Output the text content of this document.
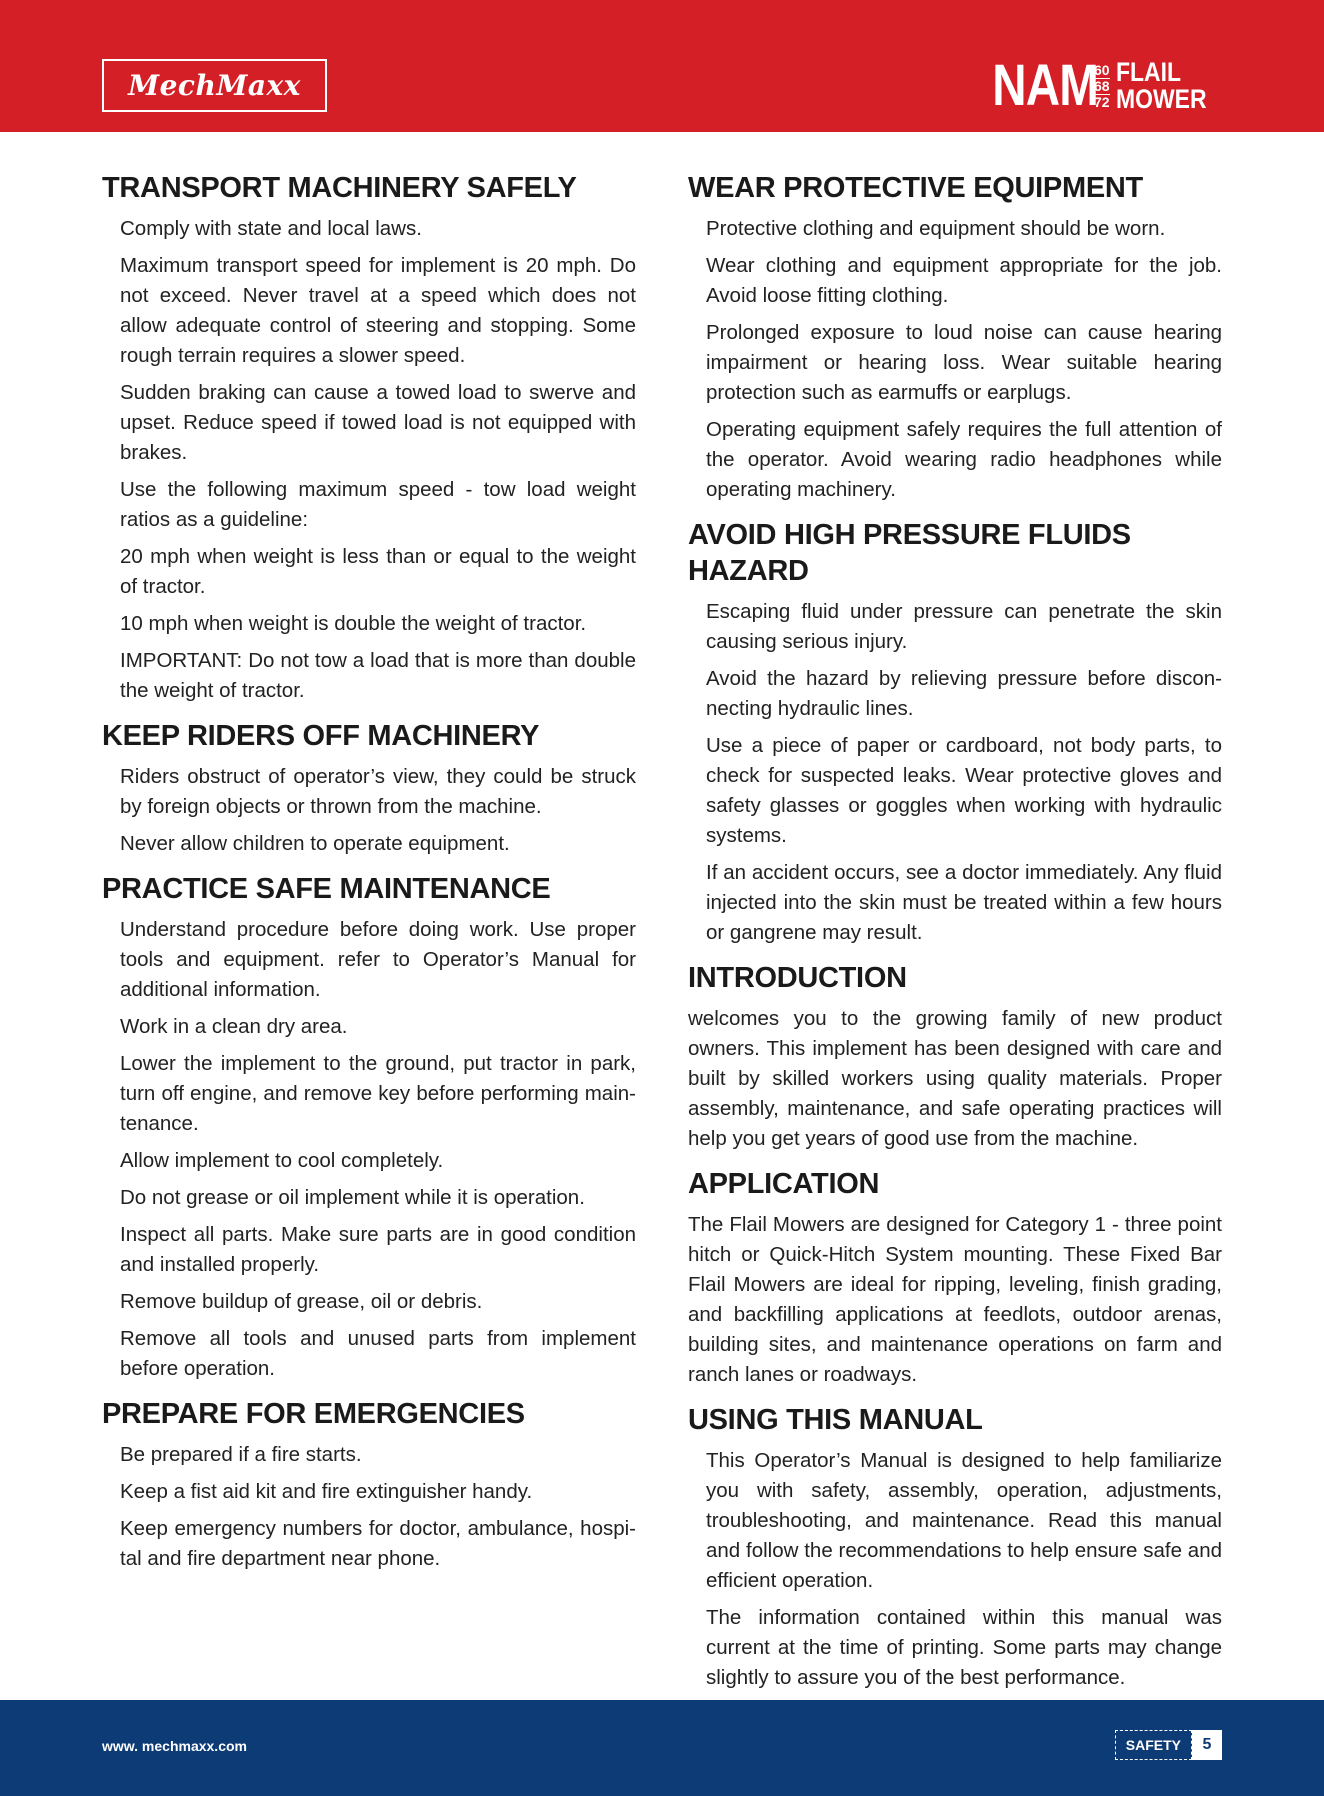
MechMaxx	NAM
60
68
72
FLAIL
MOWER
TRANSPORT MACHINERY SAFELY

Comply with state and local laws.

Maximum transport speed for implement is 20 mph. Do not exceed. Never travel at a speed which does not allow adequate control of steering and stopping. Some rough terrain requires a slower speed.

Sudden braking can cause a towed load to swerve and upset. Reduce speed if towed load is not equipped with brakes.

Use the following maximum speed - tow load weight ratios as a guideline:

20 mph when weight is less than or equal to the weight of tractor.

10 mph when weight is double the weight of tractor.

IMPORTANT: Do not tow a load that is more than double the weight of tractor.

KEEP RIDERS OFF MACHINERY

Riders obstruct of operator’s view, they could be struck by foreign objects or thrown from the machine.

Never allow children to operate equipment.

PRACTICE SAFE MAINTENANCE

Understand procedure before doing work. Use proper tools and equipment. refer to Operator’s Manual for additional information.

Work in a clean dry area.

Lower the implement to the ground, put tractor in park, turn off engine, and remove key before performing main-tenance.

Allow implement to cool completely.

Do not grease or oil implement while it is operation.

Inspect all parts. Make sure parts are in good condition and installed properly.

Remove buildup of grease, oil or debris.

Remove all tools and unused parts from implement before operation.

PREPARE FOR EMERGENCIES

Be prepared if a fire starts.

Keep a fist aid kit and fire extinguisher handy.

Keep emergency numbers for doctor, ambulance, hospi-tal and fire department near phone.

WEAR PROTECTIVE EQUIPMENT

Protective clothing and equipment should be worn.

Wear clothing and equipment appropriate for the job. Avoid loose fitting clothing.

Prolonged exposure to loud noise can cause hearing impairment or hearing loss. Wear suitable hearing protection such as earmuffs or earplugs.

Operating equipment safely requires the full attention of the operator. Avoid wearing radio headphones while operating machinery.

AVOID HIGH PRESSURE FLUIDS HAZARD

Escaping fluid under pressure can penetrate the skin causing serious injury.

Avoid the hazard by relieving pressure before discon-necting hydraulic lines.

Use a piece of paper or cardboard, not body parts, to check for suspected leaks. Wear protective gloves and safety glasses or goggles when working with hydraulic systems.

If an accident occurs, see a doctor immediately. Any fluid injected into the skin must be treated within a few hours or gangrene may result.

INTRODUCTION

welcomes you to the growing family of new product owners. This implement has been designed with care and built by skilled workers using quality materials. Proper assembly, maintenance, and safe operating practices will help you get years of good use from the machine.

APPLICATION

The Flail Mowers are designed for Category 1 - three point hitch or Quick-Hitch System mounting. These Fixed Bar Flail Mowers are ideal for ripping, leveling, finish grading, and backfilling applications at feedlots, outdoor arenas, building sites, and maintenance operations on farm and ranch lanes or roadways.

USING THIS MANUAL

This Operator’s Manual is designed to help familiarize you with safety, assembly, operation, adjustments, troubleshooting, and maintenance. Read this manual and follow the recommendations to help ensure safe and efficient operation.

The information contained within this manual was current at the time of printing. Some parts may change slightly to assure you of the best performance.

www. mechmaxx.com	SAFETY	5
